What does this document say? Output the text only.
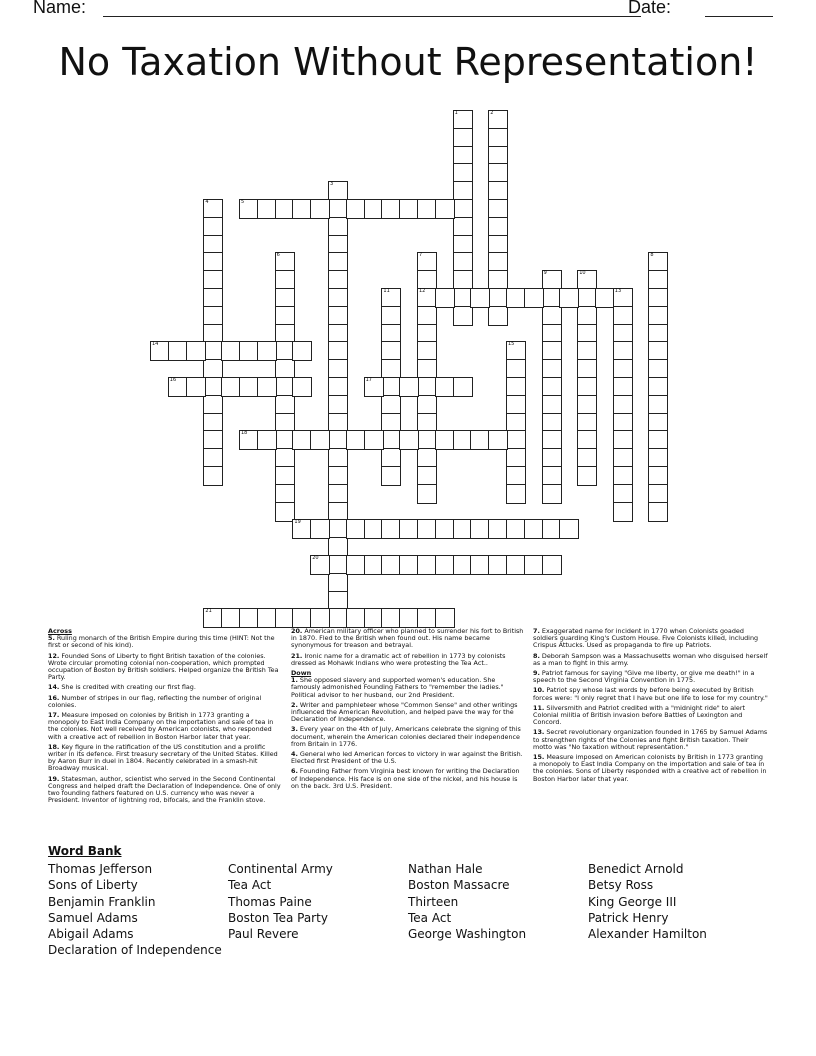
Name:	Date:
No Taxation Without Representation!
1	2
3
4	5
6	7
12
8
9	10
11	13
14	15
16	17
18
19
20
21
Across

5. Ruling monarch of the British Empire during this time (HINT: Not the first or second of his kind).

12. Founded Sons of Liberty to fight British taxation of the colonies. Wrote circular promoting colonial non-cooperation, which prompted occupation of Boston by British soldiers. Helped organize the British Tea Party.

14. She is credited with creating our first flag.

16. Number of stripes in our flag, reflecting the number of original colonies.

17. Measure imposed on colonies by British in 1773 granting a monopoly to East India Company on the importation and sale of tea in the colonies. Not well received by American colonists, who responded with a creative act of rebellion in Boston Harbor later that year.

18. Key figure in the ratification of the US constitution and a prolific writer in its defence. First treasury secretary of the United States. Killed by Aaron Burr in duel in 1804. Recently celebrated in a smash-hit Broadway musical.

19. Statesman, author, scientist who served in the Second Continental Congress and helped draft the Declaration of Independence. One of only two founding fathers featured on U.S. currency who was never a President. Inventor of lightning rod, bifocals, and the Franklin stove.

20. American military officer who planned to surrender his fort to British in 1870. Fled to the British when found out. His name became synonymous for treason and betrayal.

21. Ironic name for a dramatic act of rebellion in 1773 by colonists dressed as Mohawk Indians who were protesting the Tea Act..

Down

1. She opposed slavery and supported women's education. She famously admonished Founding Fathers to "remember the ladies." Political advisor to her husband, our 2nd President.

2. Writer and pamphleteer whose "Common Sense" and other writings influenced the American Revolution, and helped pave the way for the Declaration of Independence.

3. Every year on the 4th of July, Americans celebrate the signing of this document, wherein the American colonies declared their independence from Britain in 1776.

4. General who led American forces to victory in war against the British. Elected first President of the U.S.

6. Founding Father from Virginia best known for writing the Declaration of Independence. His face is on one side of the nickel, and his house is on the back. 3rd U.S. President.

7. Exaggerated name for incident in 1770 when Colonists goaded soldiers guarding King's Custom House. Five Colonists killed, including Crispus Attucks. Used as propaganda to fire up Patriots.

8. Deborah Sampson was a Massachusetts woman who disguised herself as a man to fight in this army.

9. Patriot famous for saying "Give me liberty, or give me death!" in a speech to the Second Virginia Convention in 1775.

10. Patriot spy whose last words by before being executed by British forces were: "I only regret that I have but one life to lose for my country."

11. Silversmith and Patriot credited with a "midnight ride" to alert Colonial militia of British invasion before Battles of Lexington and Concord.

13. Secret revolutionary organization founded in 1765 by Samuel Adams to strengthen rights of the Colonies and fight British taxation. Their motto was "No taxation without representation."

15. Measure imposed on American colonists by British in 1773 granting a monopoly to East India Company on the importation and sale of tea in the colonies. Sons of Liberty responded with a creative act of rebellion in Boston Harbor later that year.

Word Bank
Thomas Jefferson
Sons of Liberty
Benjamin Franklin
Samuel Adams
Abigail Adams
Declaration of Independence
Continental Army
Tea Act
Thomas Paine
Boston Tea Party
Paul Revere
Nathan Hale
Boston Massacre
Thirteen
Tea Act
George Washington
Benedict Arnold
Betsy Ross
King George III
Patrick Henry
Alexander Hamilton
